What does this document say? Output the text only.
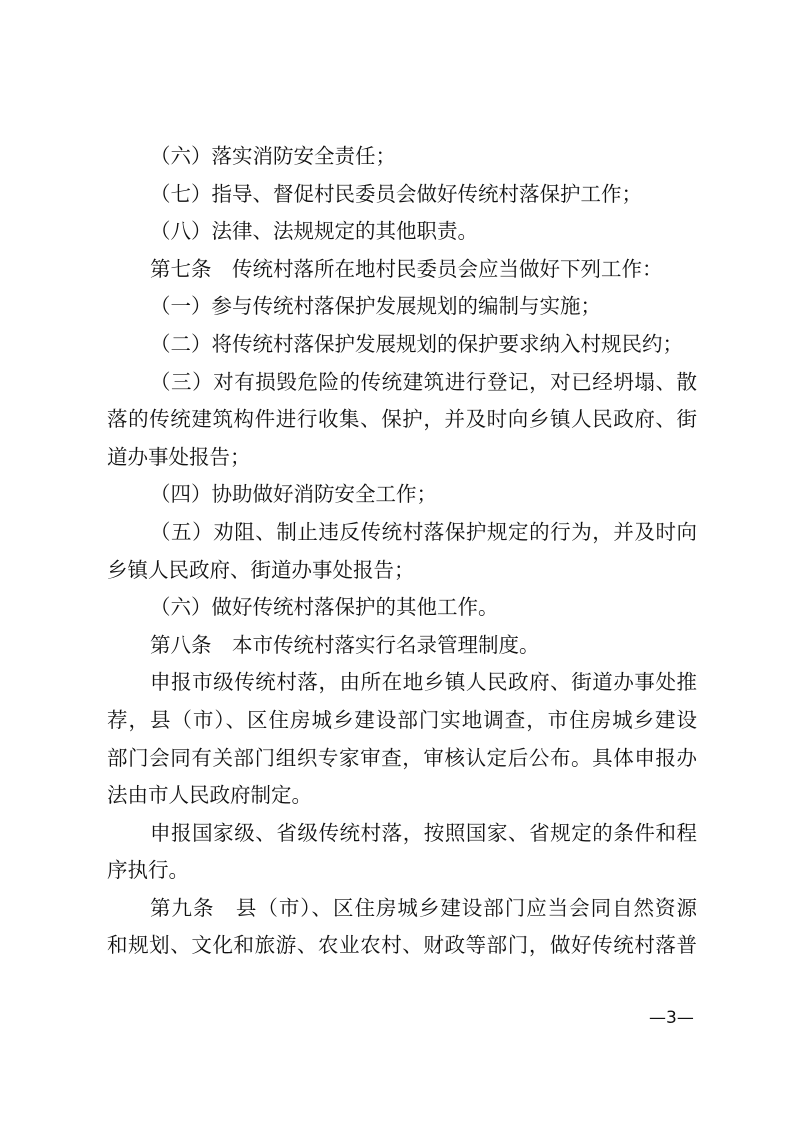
（六）落实消防安全责任；
（七）指导、督促村民委员会做好传统村落保护工作；
（八）法律、法规规定的其他职责。
第七条　传统村落所在地村民委员会应当做好下列工作：
（一）参与传统村落保护发展规划的编制与实施；
（二）将传统村落保护发展规划的保护要求纳入村规民约；
（三）对有损毁危险的传统建筑进行登记，对已经坍塌、散
落的传统建筑构件进行收集、保护，并及时向乡镇人民政府、街
道办事处报告；
（四）协助做好消防安全工作；
（五）劝阻、制止违反传统村落保护规定的行为，并及时向
乡镇人民政府、街道办事处报告；
（六）做好传统村落保护的其他工作。
第八条　本市传统村落实行名录管理制度。
申报市级传统村落，由所在地乡镇人民政府、街道办事处推
荐，县（市）、区住房城乡建设部门实地调查，市住房城乡建设
部门会同有关部门组织专家审查，审核认定后公布。具体申报办
法由市人民政府制定。
申报国家级、省级传统村落，按照国家、省规定的条件和程
序执行。
第九条　县（市）、区住房城乡建设部门应当会同自然资源
和规划、文化和旅游、农业农村、财政等部门，做好传统村落普
—3—
